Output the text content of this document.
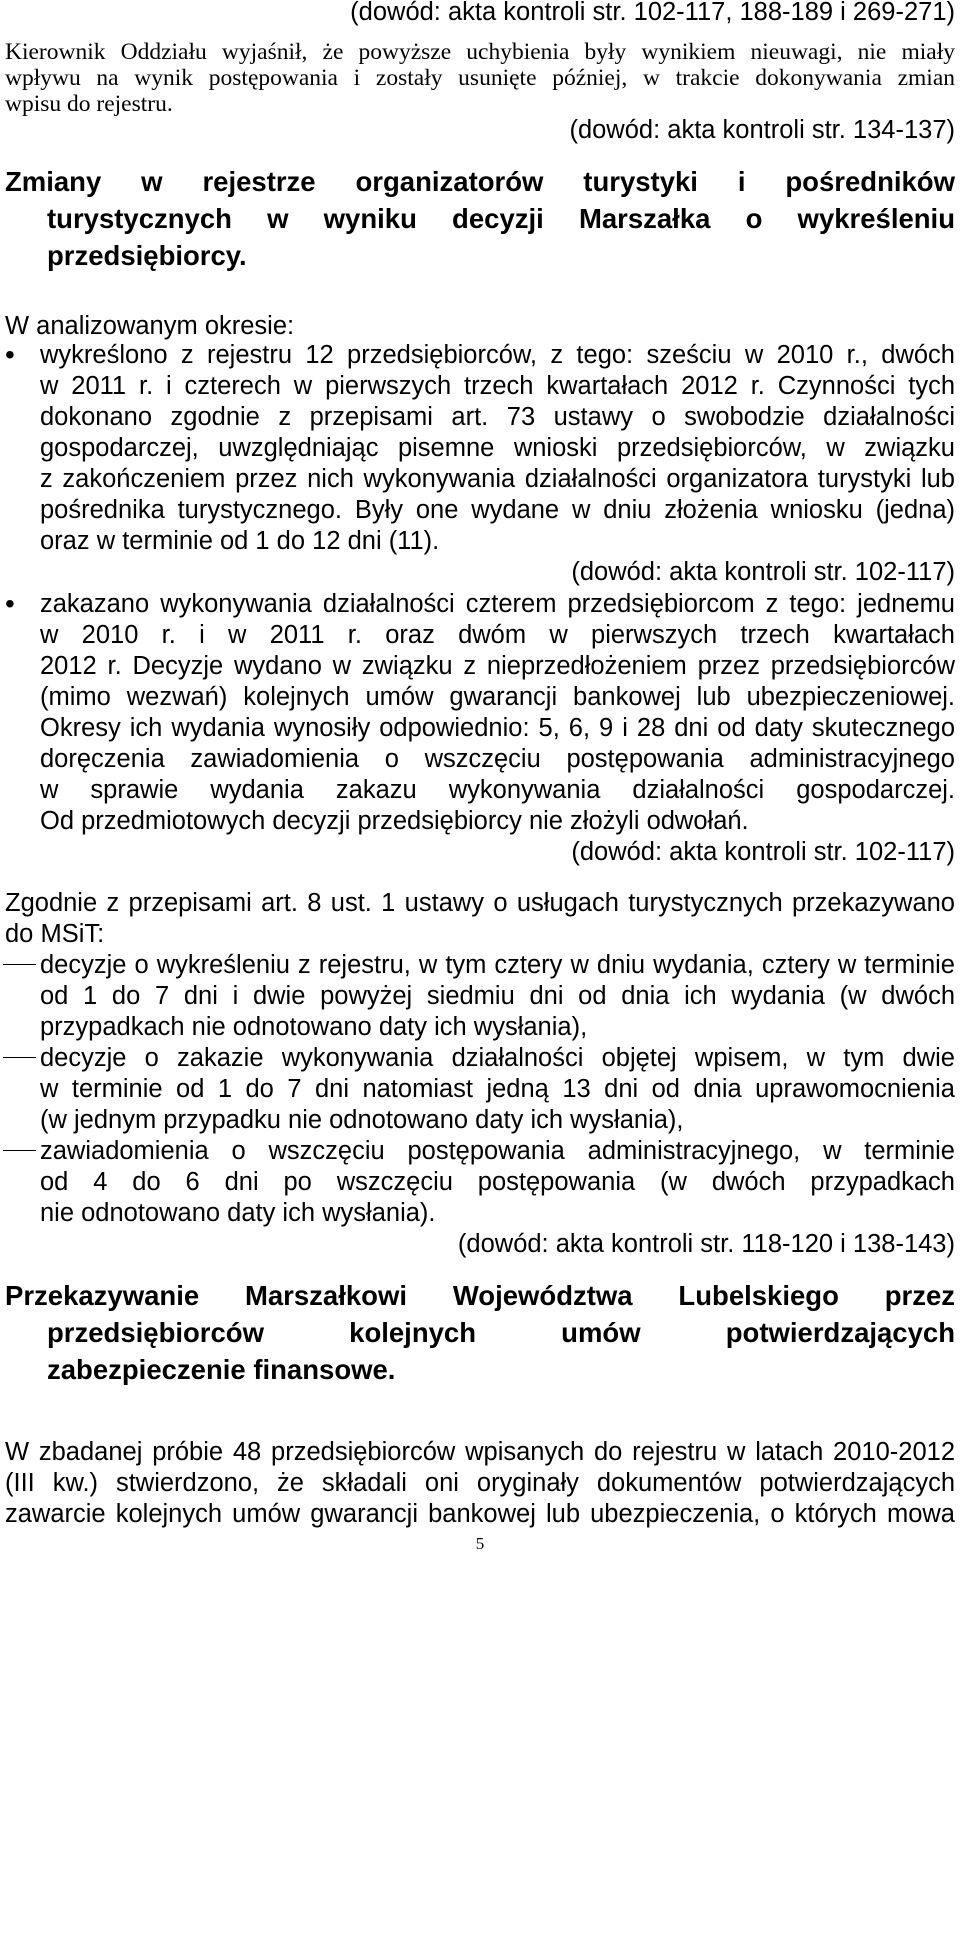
(dowód: akta kontroli str. 102-117, 188-189 i 269-271)
Kierownik Oddziału wyjaśnił, że powyższe uchybienia były wynikiem nieuwagi, nie miały
wpływu na wynik postępowania i zostały usunięte później, w trakcie dokonywania zmian
wpisu do rejestru.
(dowód: akta kontroli str. 134-137)
Zmiany w rejestrze organizatorów turystyki i pośredników
turystycznych w wyniku decyzji Marszałka o wykreśleniu
przedsiębiorcy.
W analizowanym okresie:
• wykreślono z rejestru 12 przedsiębiorców, z tego: sześciu w 2010 r., dwóch
w 2011 r. i czterech w pierwszych trzech kwartałach 2012 r. Czynności tych
dokonano zgodnie z przepisami art. 73 ustawy o swobodzie działalności
gospodarczej, uwzględniając pisemne wnioski przedsiębiorców, w związku
z zakończeniem przez nich wykonywania działalności organizatora turystyki lub
pośrednika turystycznego. Były one wydane w dniu złożenia wniosku (jedna)
oraz w terminie od 1 do 12 dni (11).
(dowód: akta kontroli str. 102-117)
• zakazano wykonywania działalności czterem przedsiębiorcom z tego: jednemu
w 2010 r. i w 2011 r. oraz dwóm w pierwszych trzech kwartałach
2012 r. Decyzje wydano w związku z nieprzedłożeniem przez przedsiębiorców
(mimo wezwań) kolejnych umów gwarancji bankowej lub ubezpieczeniowej.
Okresy ich wydania wynosiły odpowiednio: 5, 6, 9 i 28 dni od daty skutecznego
doręczenia zawiadomienia o wszczęciu postępowania administracyjnego
w sprawie wydania zakazu wykonywania działalności gospodarczej.
Od przedmiotowych decyzji przedsiębiorcy nie złożyli odwołań.
(dowód: akta kontroli str. 102-117)
Zgodnie z przepisami art. 8 ust. 1 ustawy o usługach turystycznych przekazywano
do MSiT:
decyzje o wykreśleniu z rejestru, w tym cztery w dniu wydania, cztery w terminie
od 1 do 7 dni i dwie powyżej siedmiu dni od dnia ich wydania (w dwóch
przypadkach nie odnotowano daty ich wysłania),
decyzje o zakazie wykonywania działalności objętej wpisem, w tym dwie
w terminie od 1 do 7 dni natomiast jedną 13 dni od dnia uprawomocnienia
(w jednym przypadku nie odnotowano daty ich wysłania),
zawiadomienia o wszczęciu postępowania administracyjnego, w terminie
od 4 do 6 dni po wszczęciu postępowania (w dwóch przypadkach
nie odnotowano daty ich wysłania).
(dowód: akta kontroli str. 118-120 i 138-143)
Przekazywanie Marszałkowi Województwa Lubelskiego przez
przedsiębiorców kolejnych umów potwierdzających
zabezpieczenie finansowe.
W zbadanej próbie 48 przedsiębiorców wpisanych do rejestru w latach 2010-2012
(III kw.) stwierdzono, że składali oni oryginały dokumentów potwierdzających
zawarcie kolejnych umów gwarancji bankowej lub ubezpieczenia, o których mowa
5
